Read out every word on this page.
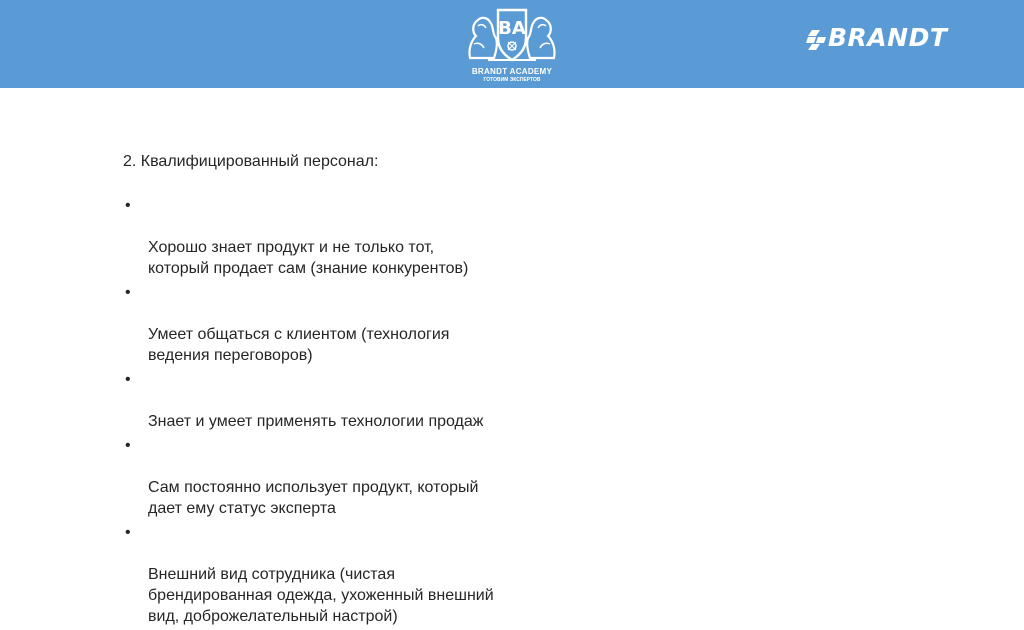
BA
BRANDT ACADEMY
ГОТОВИМ ЭКСПЕРТОВ
BRANDT
2. Квалифицированный персонал:

•

Хорошо знает продукт и не только тот,
который продает сам (знание конкурентов)

•

Умеет общаться с клиентом (технология
ведения переговоров)

•

Знает и умеет применять технологии продаж

•

Сам постоянно использует продукт, который
дает ему статус эксперта

•

Внешний вид сотрудника (чистая
брендированная одежда, ухоженный внешний
вид, доброжелательный настрой)
